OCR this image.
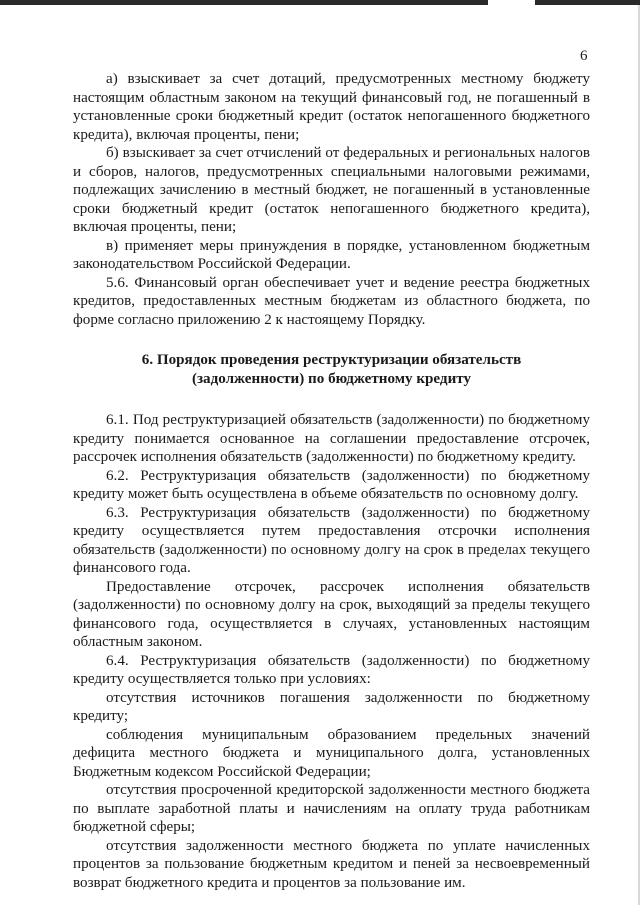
6

а) взыскивает за счет дотаций, предусмотренных местному бюджету настоящим областным законом на текущий финансовый год, не погашенный в установленные сроки бюджетный кредит (остаток непогашенного бюджетного кредита), включая проценты, пени;

б) взыскивает за счет отчислений от федеральных и региональных налогов и сборов, налогов, предусмотренных специальными налоговыми режимами, подлежащих зачислению в местный бюджет, не погашенный в установленные сроки бюджетный кредит (остаток непогашенного бюджетного кредита), включая проценты, пени;

в) применяет меры принуждения в порядке, установленном бюджетным законодательством Российской Федерации.

5.6. Финансовый орган обеспечивает учет и ведение реестра бюджетных кредитов, предоставленных местным бюджетам из областного бюджета, по форме согласно приложению 2 к настоящему Порядку.

6. Порядок проведения реструктуризации обязательств (задолженности) по бюджетному кредиту

6.1. Под реструктуризацией обязательств (задолженности) по бюджетному кредиту понимается основанное на соглашении предоставление отсрочек, рассрочек исполнения обязательств (задолженности) по бюджетному кредиту.

6.2. Реструктуризация обязательств (задолженности) по бюджетному кредиту может быть осуществлена в объеме обязательств по основному долгу.

6.3. Реструктуризация обязательств (задолженности) по бюджетному кредиту осуществляется путем предоставления отсрочки исполнения обязательств (задолженности) по основному долгу на срок в пределах текущего финансового года.

Предоставление отсрочек, рассрочек исполнения обязательств (задолженности) по основному долгу на срок, выходящий за пределы текущего финансового года, осуществляется в случаях, установленных настоящим областным законом.

6.4. Реструктуризация обязательств (задолженности) по бюджетному кредиту осуществляется только при условиях:

отсутствия источников погашения задолженности по бюджетному кредиту;

соблюдения муниципальным образованием предельных значений дефицита местного бюджета и муниципального долга, установленных Бюджетным кодексом Российской Федерации;

отсутствия просроченной кредиторской задолженности местного бюджета по выплате заработной платы и начислениям на оплату труда работникам бюджетной сферы;

отсутствия задолженности местного бюджета по уплате начисленных процентов за пользование бюджетным кредитом и пеней за несвоевременный возврат бюджетного кредита и процентов за пользование им.
